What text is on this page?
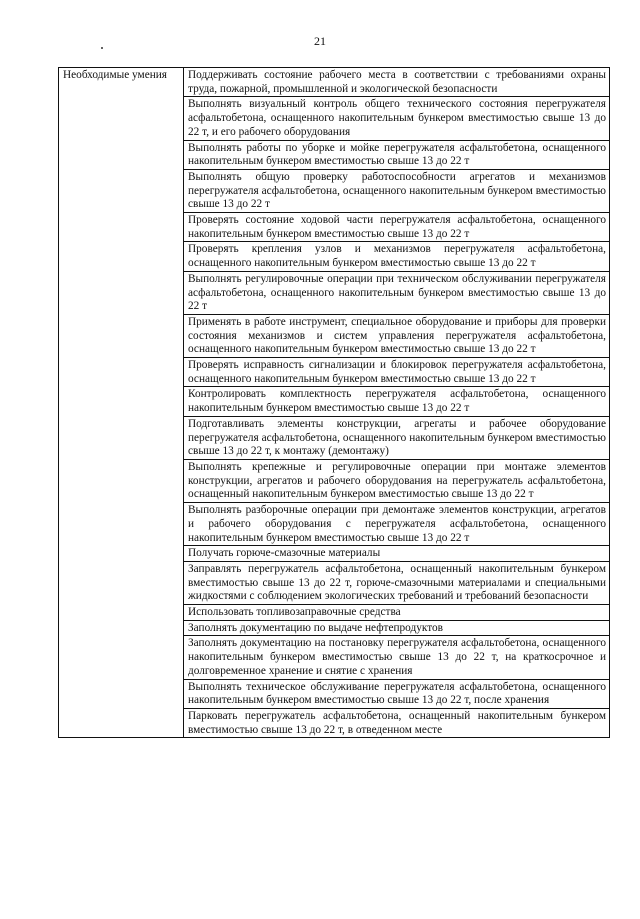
21
Необходимые умения	Поддерживать состояние рабочего места в соответствии с требованиями охраны труда, пожарной, промышленной и экологической безопасности
Выполнять визуальный контроль общего технического состояния перегружателя асфальтобетона, оснащенного накопительным бункером вместимостью свыше 13 до 22 т, и его рабочего оборудования
Выполнять работы по уборке и мойке перегружателя асфальтобетона, оснащенного накопительным бункером вместимостью свыше 13 до 22 т
Выполнять общую проверку работоспособности агрегатов и механизмов перегружателя асфальтобетона, оснащенного накопительным бункером вместимостью свыше 13 до 22 т
Проверять состояние ходовой части перегружателя асфальтобетона, оснащенного накопительным бункером вместимостью свыше 13 до 22 т
Проверять крепления узлов и механизмов перегружателя асфальтобетона, оснащенного накопительным бункером вместимостью свыше 13 до 22 т
Выполнять регулировочные операции при техническом обслуживании перегружателя асфальтобетона, оснащенного накопительным бункером вместимостью свыше 13 до 22 т
Применять в работе инструмент, специальное оборудование и приборы для проверки состояния механизмов и систем управления перегружателя асфальтобетона, оснащенного накопительным бункером вместимостью свыше 13 до 22 т
Проверять исправность сигнализации и блокировок перегружателя асфальтобетона, оснащенного накопительным бункером вместимостью свыше 13 до 22 т
Контролировать комплектность перегружателя асфальтобетона, оснащенного накопительным бункером вместимостью свыше 13 до 22 т
Подготавливать элементы конструкции, агрегаты и рабочее оборудование перегружателя асфальтобетона, оснащенного накопительным бункером вместимостью свыше 13 до 22 т, к монтажу (демонтажу)
Выполнять крепежные и регулировочные операции при монтаже элементов конструкции, агрегатов и рабочего оборудования на перегружатель асфальтобетона, оснащенный накопительным бункером вместимостью свыше 13 до 22 т
Выполнять разборочные операции при демонтаже элементов конструкции, агрегатов и рабочего оборудования с перегружателя асфальтобетона, оснащенного накопительным бункером вместимостью свыше 13 до 22 т
Получать горюче-смазочные материалы
Заправлять перегружатель асфальтобетона, оснащенный накопительным бункером вместимостью свыше 13 до 22 т, горюче-смазочными материалами и специальными жидкостями с соблюдением экологических требований и требований безопасности
Использовать топливозаправочные средства
Заполнять документацию по выдаче нефтепродуктов
Заполнять документацию на постановку перегружателя асфальтобетона, оснащенного накопительным бункером вместимостью свыше 13 до 22 т, на краткосрочное и долговременное хранение и снятие с хранения
Выполнять техническое обслуживание перегружателя асфальтобетона, оснащенного накопительным бункером вместимостью свыше 13 до 22 т, после хранения
Парковать перегружатель асфальтобетона, оснащенный накопительным бункером вместимостью свыше 13 до 22 т, в отведенном месте
